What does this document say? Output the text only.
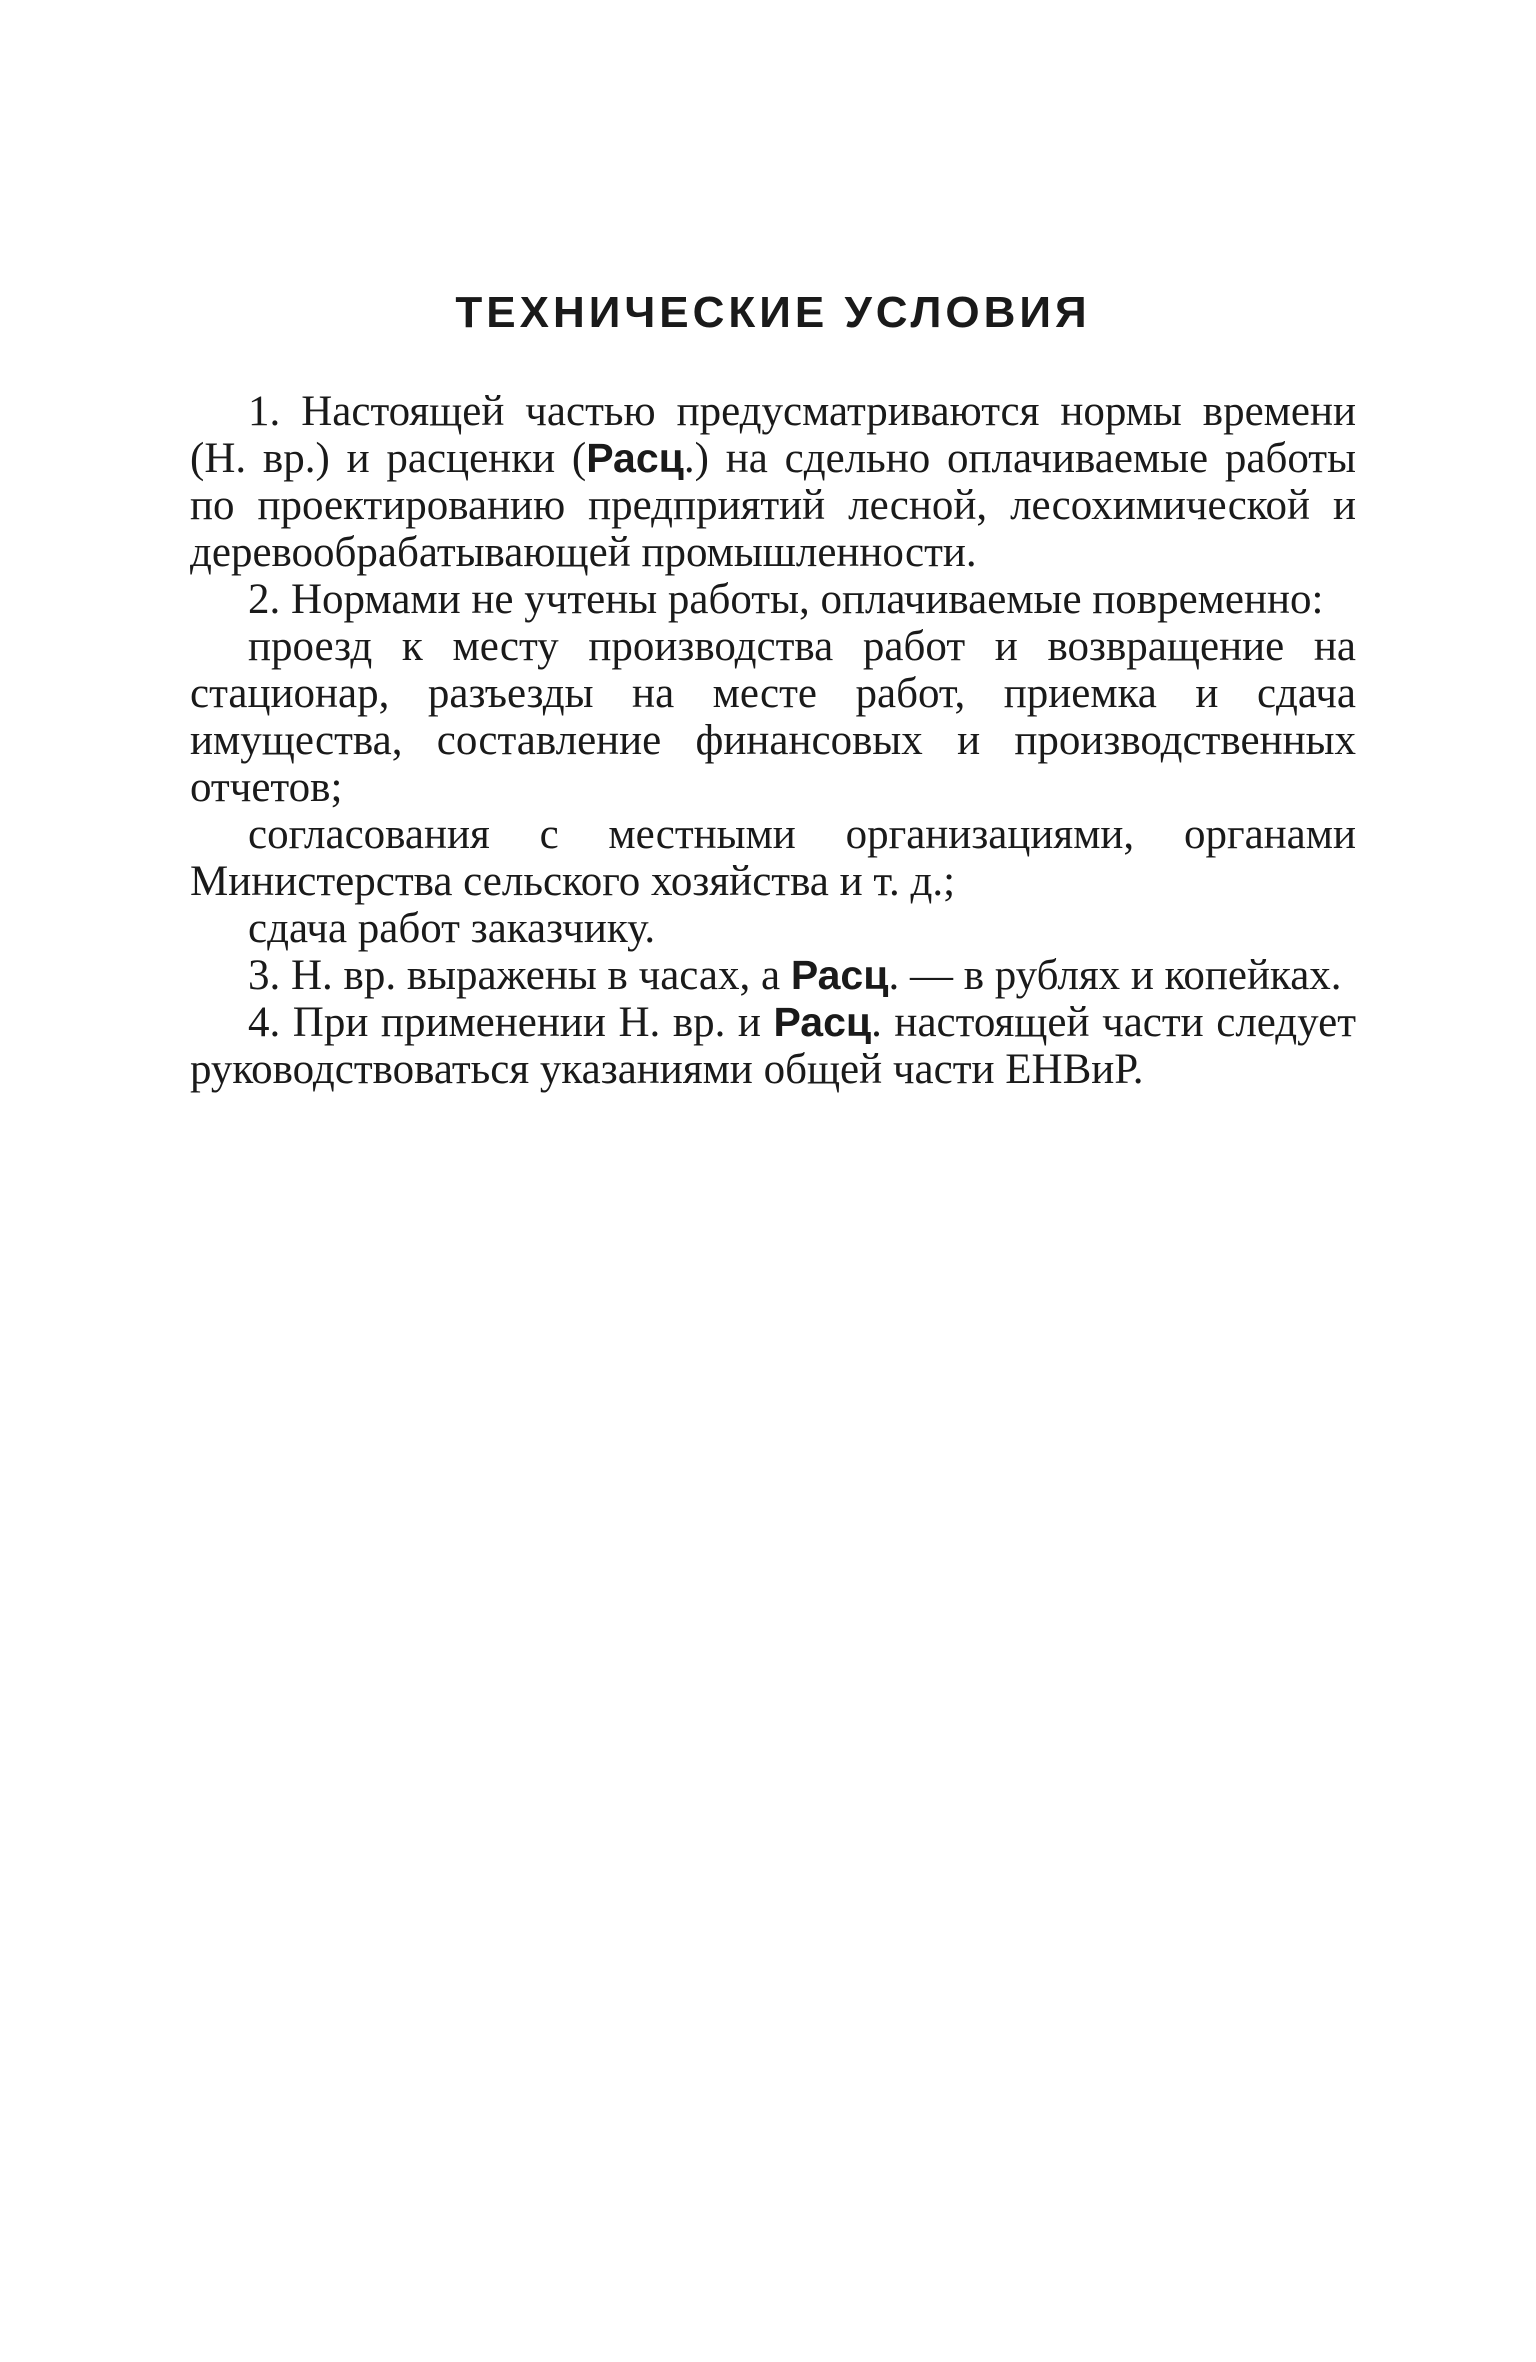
ТЕХНИЧЕСКИЕ УСЛОВИЯ

1. Настоящей частью предусматриваются нормы времени (Н. вр.) и расценки (Расц.) на сдельно оплачиваемые работы по проектированию предприятий лесной, лесохимической и деревообрабатывающей промышленности.

2. Нормами не учтены работы, оплачиваемые повременно:

проезд к месту производства работ и возвращение на стационар, разъезды на месте работ, приемка и сдача имущества, составление финансовых и производственных отчетов;

согласования с местными организациями, органами Министерства сельского хозяйства и т. д.;

сдача работ заказчику.

3. Н. вр. выражены в часах, а Расц. — в рублях и копейках.

4. При применении Н. вр. и Расц. настоящей части следует руководствоваться указаниями общей части ЕНВиР.
